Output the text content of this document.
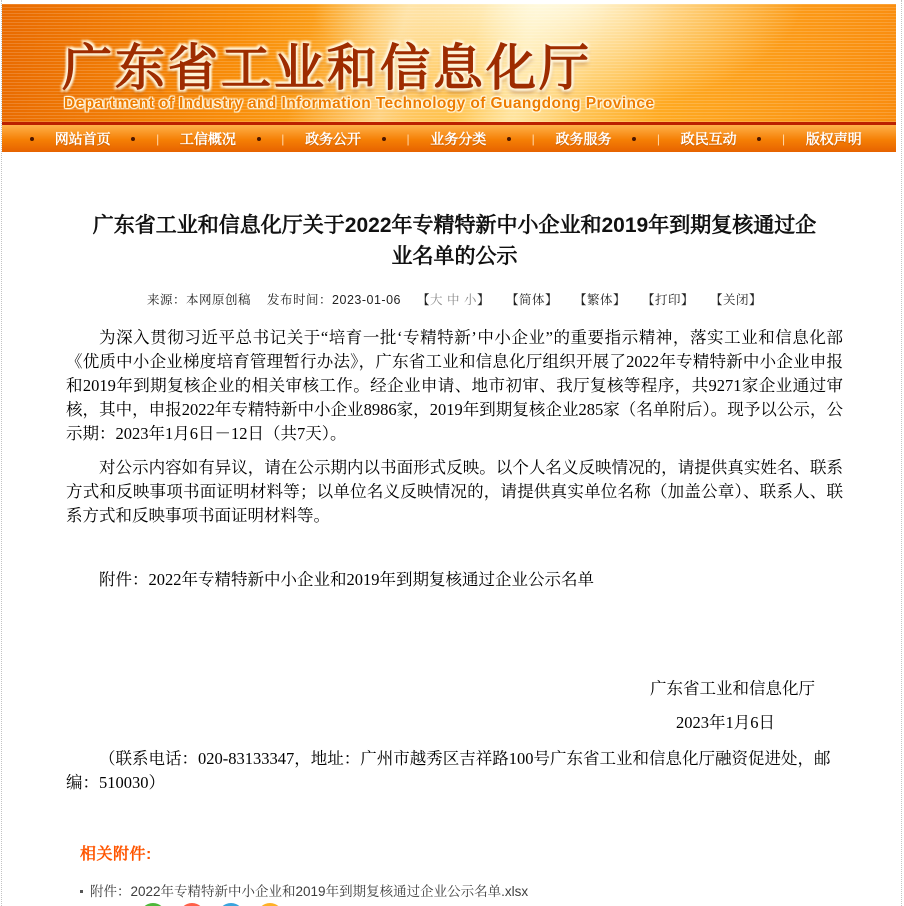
广东省工业和信息化厅
Department of Industry and Information Technology of Guangdong Province
网站首页	| 工信概况	| 政务公开	| 业务分类	| 政务服务	| 政民互动	| 版权声明
广东省工业和信息化厅关于2022年专精特新中小企业和2019年到期复核通过企业名单的公示
来源：本网原创稿 发布时间：2023-01-06 【大 中 小】 【简体】 【繁体】 【打印】 【关闭】

为深入贯彻习近平总书记关于“培育一批‘专精特新’中小企业”的重要指示精神，落实工业和信息化部《优质中小企业梯度培育管理暂行办法》，广东省工业和信息化厅组织开展了2022年专精特新中小企业申报和2019年到期复核企业的相关审核工作。经企业申请、地市初审、我厅复核等程序，共9271家企业通过审核，其中，申报2022年专精特新中小企业8986家，2019年到期复核企业285家（名单附后）。现予以公示，公示期：2023年1月6日－12日（共7天）。

对公示内容如有异议，请在公示期内以书面形式反映。以个人名义反映情况的，请提供真实姓名、联系方式和反映事项书面证明材料等；以单位名义反映情况的，请提供真实单位名称（加盖公章）、联系人、联系方式和反映事项书面证明材料等。

附件：2022年专精特新中小企业和2019年到期复核通过企业公示名单

广东省工业和信息化厅

2023年1月6日

（联系电话：020-83133347，地址：广州市越秀区吉祥路100号广东省工业和信息化厅融资促进处，邮编：510030）

相关附件:
附件：2022年专精特新中小企业和2019年到期复核通过企业公示名单.xlsx
